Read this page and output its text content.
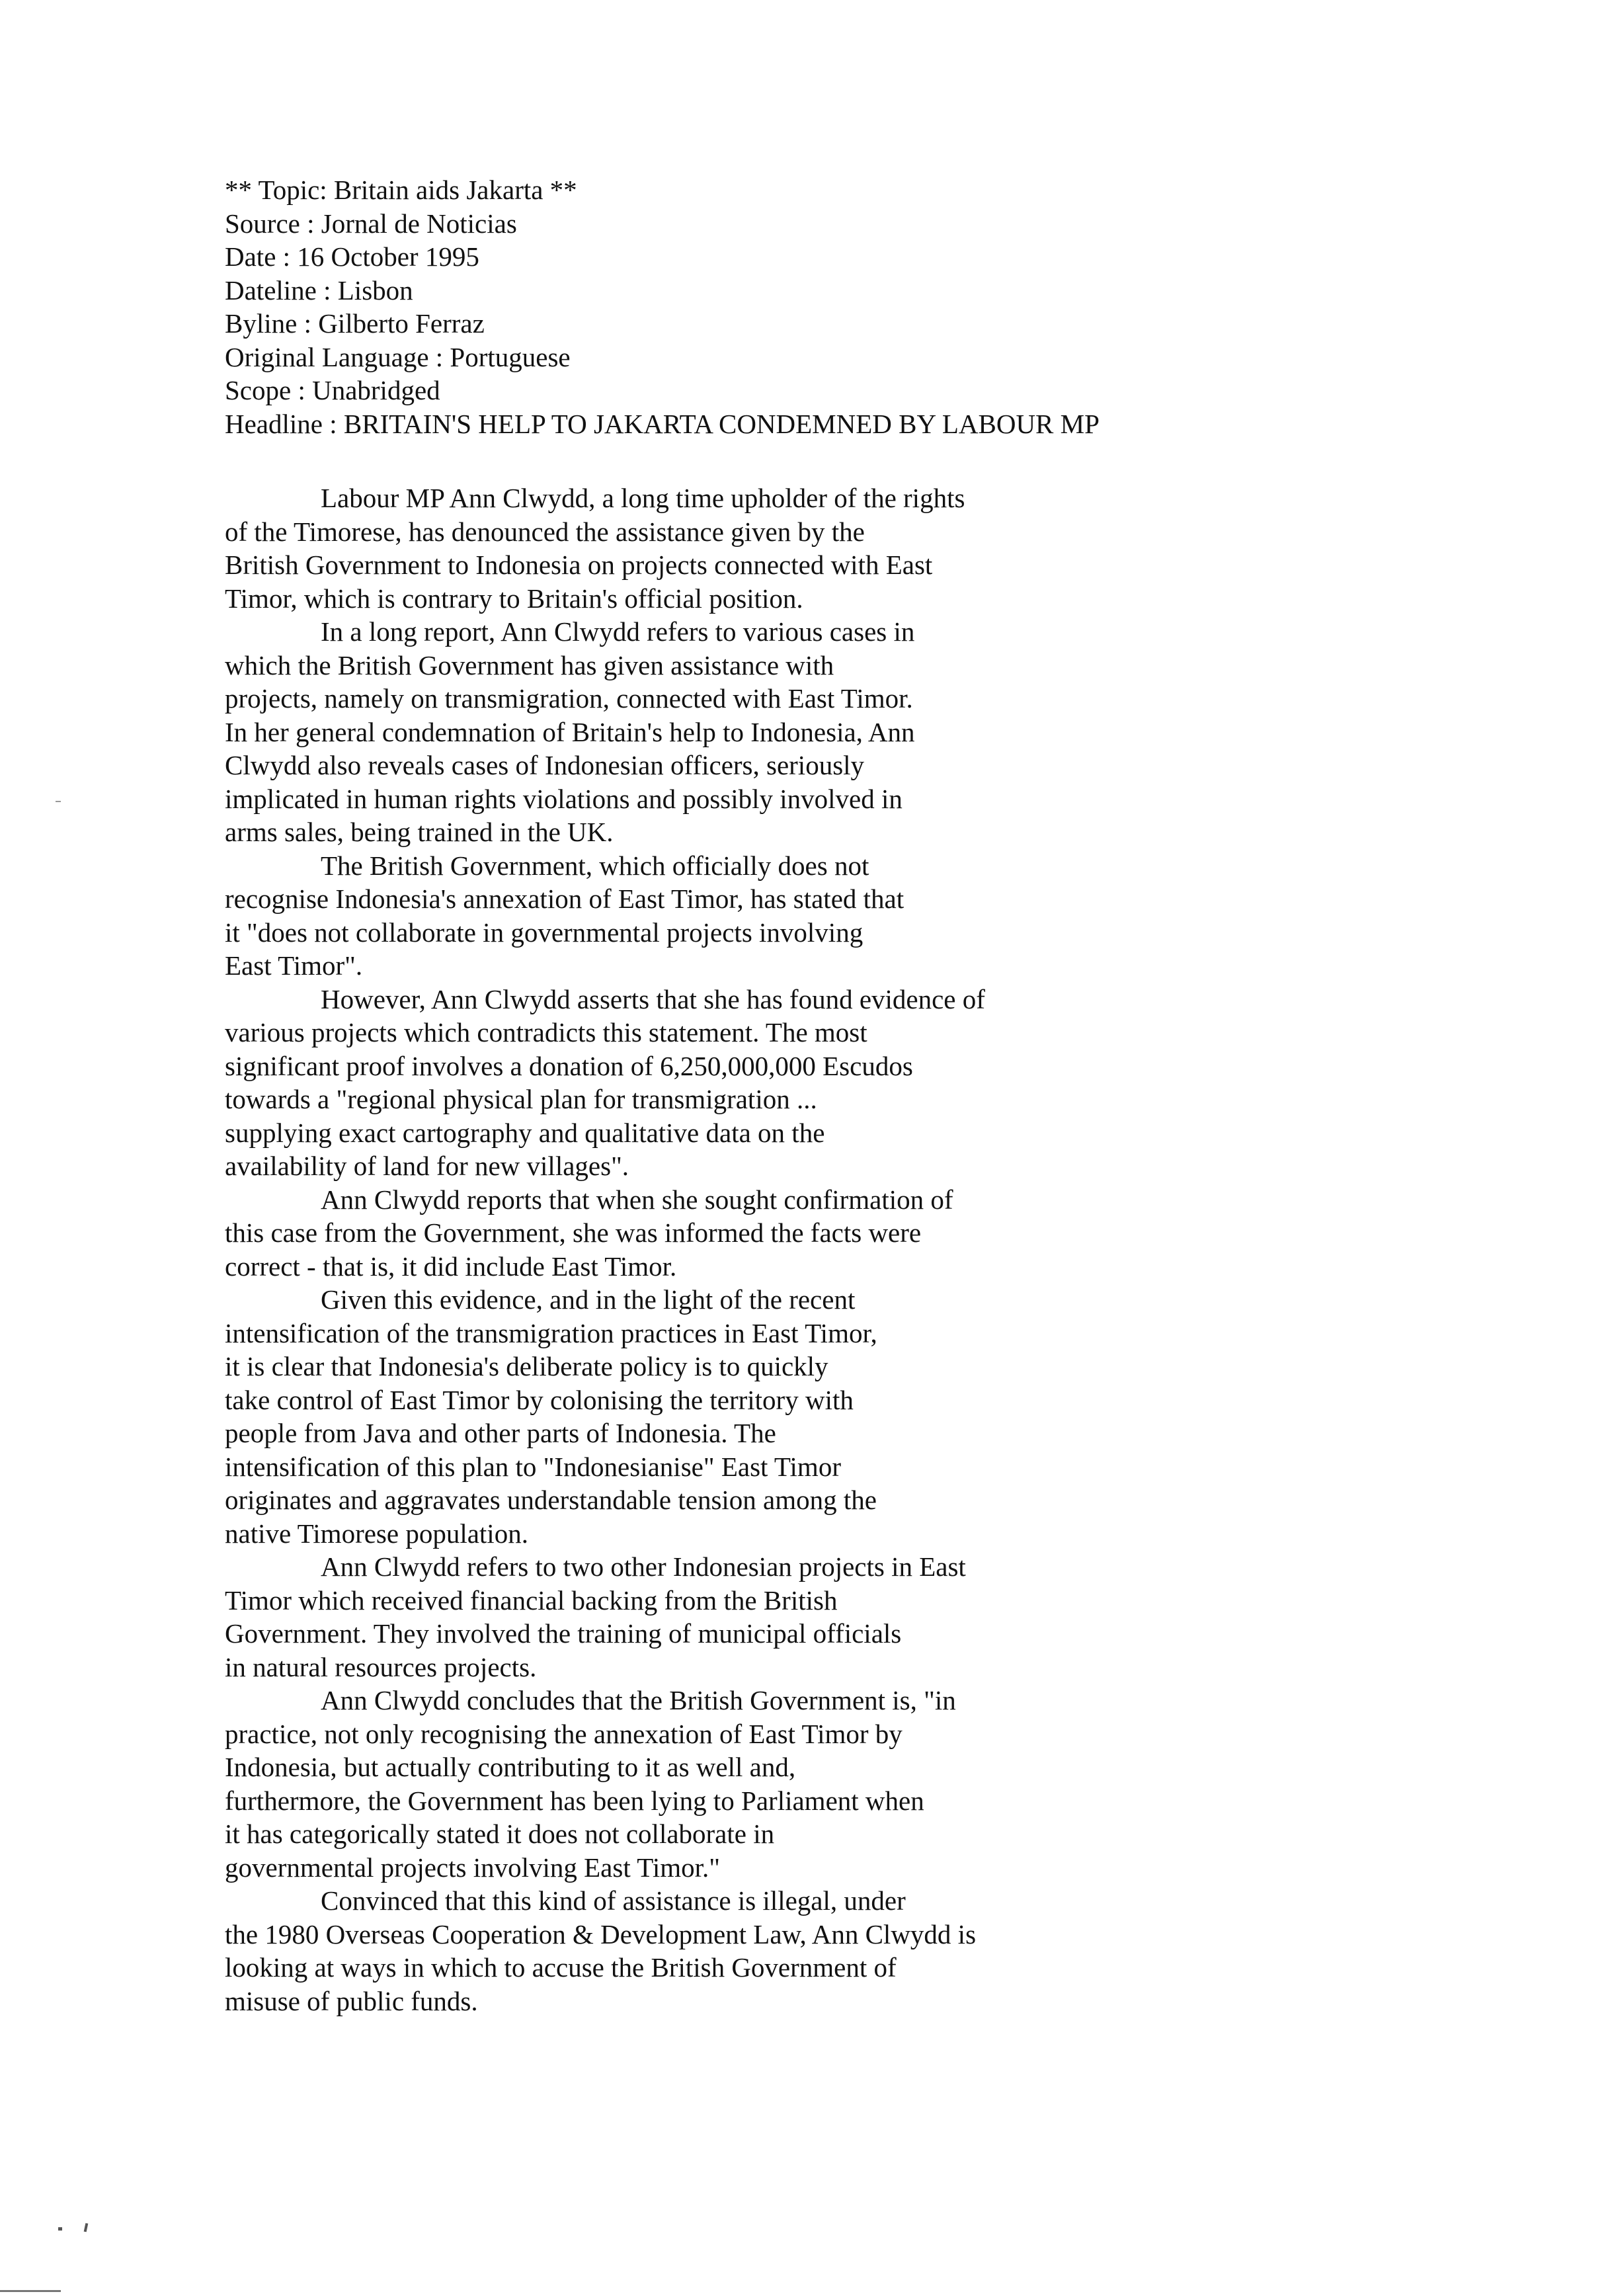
** Topic: Britain aids Jakarta **
Source : Jornal de Noticias
Date : 16 October 1995
Dateline : Lisbon
Byline : Gilberto Ferraz
Original Language : Portuguese
Scope : Unabridged
Headline : BRITAIN'S HELP TO JAKARTA CONDEMNED BY LABOUR MP
Labour MP Ann Clwydd, a long time upholder of the rights
of the Timorese, has denounced the assistance given by the
British Government to Indonesia on projects connected with East
Timor, which is contrary to Britain's official position.
In a long report, Ann Clwydd refers to various cases in
which the British Government has given assistance with
projects, namely on transmigration, connected with East Timor.
In her general condemnation of Britain's help to Indonesia, Ann
Clwydd also reveals cases of Indonesian officers, seriously
implicated in human rights violations and possibly involved in
arms sales, being trained in the UK.
The British Government, which officially does not
recognise Indonesia's annexation of East Timor, has stated that
it "does not collaborate in governmental projects involving
East Timor".
However, Ann Clwydd asserts that she has found evidence of
various projects which contradicts this statement. The most
significant proof involves a donation of 6,250,000,000 Escudos
towards a "regional physical plan for transmigration ...
supplying exact cartography and qualitative data on the
availability of land for new villages".
Ann Clwydd reports that when she sought confirmation of
this case from the Government, she was informed the facts were
correct - that is, it did include East Timor.
Given this evidence, and in the light of the recent
intensification of the transmigration practices in East Timor,
it is clear that Indonesia's deliberate policy is to quickly
take control of East Timor by colonising the territory with
people from Java and other parts of Indonesia. The
intensification of this plan to "Indonesianise" East Timor
originates and aggravates understandable tension among the
native Timorese population.
Ann Clwydd refers to two other Indonesian projects in East
Timor which received financial backing from the British
Government. They involved the training of municipal officials
in natural resources projects.
Ann Clwydd concludes that the British Government is, "in
practice, not only recognising the annexation of East Timor by
Indonesia, but actually contributing to it as well and,
furthermore, the Government has been lying to Parliament when
it has categorically stated it does not collaborate in
governmental projects involving East Timor."
Convinced that this kind of assistance is illegal, under
the 1980 Overseas Cooperation & Development Law, Ann Clwydd is
looking at ways in which to accuse the British Government of
misuse of public funds.
